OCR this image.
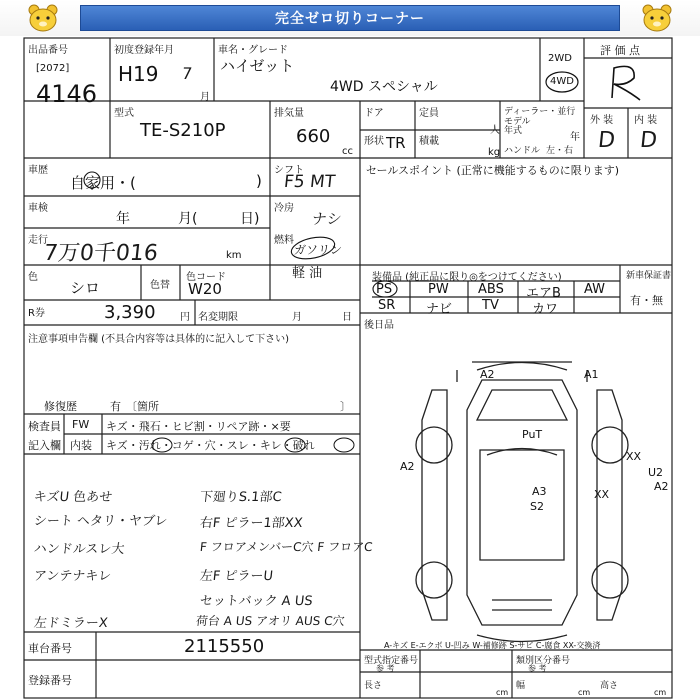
完全ゼロ切りコーナー
出品番号
[2072]
4146
初度登録年月
H19 7
月
車名・グレード
ハイゼット
4WD スペシャル
2WD
4WD
評 価 点
型式
TE-S210P
排気量
660
cc
ドア
形状 TR
定員
人
積載
kg
ディーラー・並行
モデル
年式
年
ハンドル 左・右
外 装 内 装
D D
車歴
自家用・(	)
車検
年	月(	日)
走行
7万0千016	km
色
シロ	色替
色コード
W20
シフト
F5 MT
冷房
ナシ
燃料
ガソリン
軽 油
R券	3,390 円 名変期限	月	日
セールスポイント (正常に機能するものに限ります)
装備品 (純正品に限り◎をつけてください)	新車保証書
有・無
PS	PW ABS エアB AW
SR ナビ TV	カワ
後日品
注意事項申告欄 (不具合内容等は具体的に記入して下さい)
修復歴	有 〔箇所	〕
検査員
記入欄
FW キズ・飛石・ヒビ割・リペア跡・×要
内装 キズ・汚れ・コゲ・穴・スレ・キレ・破れ
キズU 色あせ
シート ヘタリ・ヤブレ
ハンドルスレ大
アンテナキレ
左ドミラーX
下廻りS.1部C
右F ピラー1部XX
F フロアメンバーC穴 F フロアC
左F ピラーU
セットバック A US
荷台 A US アオリ AUS C穴
A2	A1
PuT
A2	U2
A2
A3
S2
XX
XX
車台番号	2115550
登録番号
A-キズ E-エクボ U-凹み W-補修跡 S-サビ C-腐食 XX-交換済
型式指定番号
参 考
類別区分番号
参 考
長さ
cm
幅
cm
高さ
cm
